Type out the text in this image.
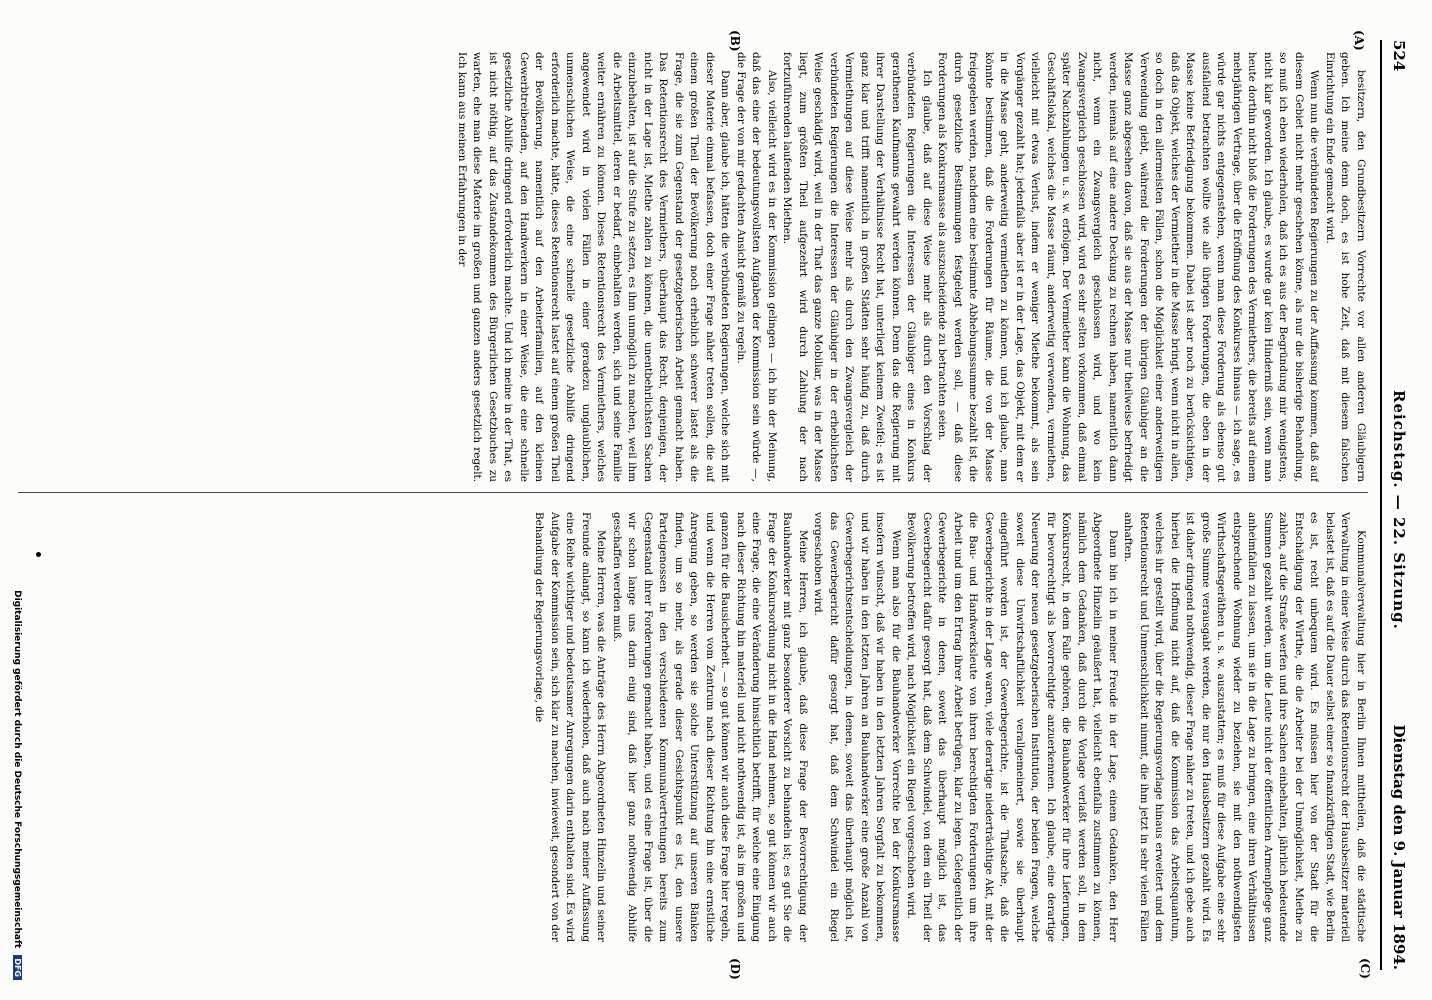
524
Reichstag. — 22. Sitzung.
Dienstag den 9. Januar 1894.
(A)
(B)
(C)
(D)

besitzern, den Grundbesitzern Vorrechte vor allen anderen Gläubigern geben. Ich meine denn doch, es ist hohe Zeit, daß mit diesem falschen Einrichtung ein Ende gemacht wird.

Wenn nun die verbündeten Regierungen zu der Auffassung kommen, daß auf diesem Gebiet nicht mehr geschehen könne, als nur die bisherige Behandlung, so muß ich eben wiederholen, daß ich es aus der Begründung mir wenigstens, nicht klar geworden. Ich glaube, es wurde gar kein Hinderniß sein, wenn man heute dorthin nicht bloß die Forderungen des Vermiethers, die bereits auf einem mehrjährigen Vertrage, über die Eröffnung des Konkurses hinaus — ich sage, es würde gar nichts entgegenstehen, wenn man diese Forderung als ebenso gut ausfallend betrachten wollte wie alle übrigen Forderungen, die eben in der Masse keine Befriedigung bekommen. Dabei ist aber noch zu berücksichtigen, daß das Objekt, welches der Vermiether in die Masse bringt, wenn nicht in allen, so doch in den allermeisten Fällen, schon die Möglichkeit einer anderweitigen Verwendung giebt, während die Forderungen der übrigen Gläubiger an die Masse ganz abgesehen davon, daß sie aus der Masse nur theilweise befriedigt werden, niemals auf eine andere Deckung zu rechnen haben, namentlich dann nicht, wenn ein Zwangsvergleich geschlossen wird, und wo kein Zwangsvergleich geschlossen wird, wird es sehr selten vorkommen, daß einmal später Nachzahlungen u. s. w. erfolgen. Der Vermiether kann die Wohnung, das Geschäftslokal, welches die Masse räumt, anderweitig verwenden, vermiethen, vielleicht mit etwas Verlust, indem er weniger Miethe bekommt, als sein Vorgänger gezahlt hat; jedenfalls aber ist er in der Lage, das Objekt, mit dem er in die Masse geht, anderweitig vermiethen zu können, und ich glaube, man könnte bestimmen, daß die Forderungen für Räume, die von der Masse freigegeben werden, nachdem eine bestimmte Abhebungssumme bezahlt ist, die durch gesetzliche Bestimmungen festgelegt werden soll, — daß diese Forderungen als Konkursmasse als auszuscheidende zu betrachten seien.

Ich glaube, daß auf diese Weise mehr als durch den Vorschlag der verbündeten Regierungen die Interessen der Gläubiger eines in Konkurs gerathenen Kaufmanns gewahrt werden können. Denn das die Regierung mit ihrer Darstellung der Verhältnisse Recht hat, unterliegt keinem Zweifel; es ist ganz klar und trifft namentlich in großen Städten sehr häufig zu, daß durch Vermiethungen auf diese Weise mehr als durch den Zwangsvergleich der verbündeten Regierungen die Interessen der Gläubiger in der erheblichsten Weise geschädigt wird, weil in der That das ganze Mobiliar, was in der Masse liegt, zum größten Theil aufgezehrt wird durch Zahlung der nach fortzuführenden laufenden Miethen.

Also, vielleicht wird es in der Kommission gelingen — ich bin der Meinung, daß das eine der bedeutungsvollsten Aufgaben der Kommission sein würde —, die Frage der von mir gedachten Ansicht gemäß zu regeln.

Dann aber, glaube ich, hätten die verbündeten Regierungen, welche sich mit dieser Materie einmal befassen, doch einer Frage näher treten sollen, die auf einem großen Theil der Bevölkerung noch erheblich schwerer lastet als die Frage, die sie zum Gegenstand der gesetzgeberischen Arbeit gemacht haben. Das Retentionsrecht des Vermiethers, überhaupt das Recht, denjenigen, der nicht in der Lage ist, Miethe zahlen zu können, die unentbehrlichsten Sachen einzubehalten, ist auf die Stufe zu setzen, es ihm unmöglich zu machen, weil ihm die Arbeitsmittel, deren er bedarf, einbehalten werden, sich und seine Familie weiter ernähren zu können. Dieses Retentionsrecht des Vermiethers, welches angewendet wird in vielen Fällen in einer geradezu unglaublichen, unmenschlichen Weise, die eine schnelle gesetzliche Abhilfe dringend erforderlich machte, hätte, dieses Retentionsrecht lastet auf einem großen Theil der Bevölkerung, namentlich auf den Arbeiterfamilien, auf den kleinen Gewerbtreibenden, auf den Handwerkern in einer Weise, die eine schnelle gesetzliche Abhilfe dringend erforderlich machte. Und ich meine in der That, es ist nicht nöthig, auf das Zustandekommen des Bürgerlichen Gesetzbuches zu warten, ehe man diese Materie im großen und ganzen anders gesetzlich regelt. Ich kann aus meinen Erfahrungen in der

Kommunalverwaltung hier in Berlin Ihnen mittheilen, daß die städtische Verwaltung in einer Weise durch das Retentionsrecht der Hausbesitzer materiell belastet ist, daß es auf die Dauer selbst einer so finanzkräftigen Stadt, wie Berlin es ist, recht unbequem wird. Es müssen hier von der Stadt für die Entschädigung der Wirthe, die die Arbeiter bei der Unmöglichkeit, Miethe zu zahlen, auf die Straße werfen und ihre Sachen einbehalten, jährlich bedeutende Summen gezahlt werden, um die Leute nicht der öffentlichen Armenpflege ganz anheimfallen zu lassen, um sie in die Lage zu bringen, eine ihren Verhältnissen entsprechende Wohnung wieder zu beziehen, sie mit den nothwendigsten Wirthschaftsgeräthen u. s. w. auszustatten; es muß für diese Aufgabe eine sehr große Summe verausgabt werden, die nur den Hausbesitzern gezahlt wird. Es ist daher dringend nothwendig, dieser Frage näher zu treten, und ich gebe auch hierbei die Hoffnung nicht auf, daß die Kommission das Arbeitsquantum, welches ihr gestellt wird, über die Regierungsvorlage hinaus erweitert und dem Retentionsrecht und Unmenschlichkeit nimmt, die ihm jetzt in sehr vielen Fällen anhaften.

Dann bin ich in meiner Freude in der Lage, einem Gedanken, den Herr Abgeordnete Hinzelin geäußert hat, vielleicht ebenfalls zustimmen zu können, nämlich dem Gedanken, daß durch die Vorlage verlaßt werden soll, in dem Konkursrecht, in dem Falle gehören, die Bauhandwerker für ihre Lieferungen, für bevorrechtigt als bevorrechtigte anzuerkennen. Ich glaube, eine derartige Neuerung der neuen gesetzgeberischen Institution, der beiden Fragen, welche soweit diese Unwirtschaftlichkeit verallgemeinert, sowie sie überhaupt eingeführt worden ist, der Gewerbegerichte, ist die Thatsache, daß die Gewerbegerichte in der Lage waren, viele derartige niederträchtige Akt, mit der die Bau- und Handwerksleute von ihren berechtigten Forderungen um ihre Arbeit und um den Ertrag ihrer Arbeit betrügen, klar zu legen. Gelegentlich der Gewerbegerichte in denen, soweit das überhaupt möglich ist, das Gewerbegericht dafür gesorgt hat, daß dem Schwindel, von dem ein Theil der Bevölkerung betroffen wird, nach Möglichkeit ein Riegel vorgeschoben wird.

Wenn man also für die Bauhandwerker Vorrechte bei der Konkursmasse insofern wünscht, daß wir haben in den letzten Jahren Sorgfalt zu bekommen, und wir haben in den letzten Jahren an Bauhandwerker eine große Anzahl von Gewerbegerichtsentscheidungen, in denen, soweit das überhaupt möglich ist, das Gewerbegericht dafür gesorgt hat, daß dem Schwindel ein Riegel vorgeschoben wird.

Meine Herren, ich glaube, daß diese Frage der Bevorrechtigung der Bauhandwerker mit ganz besonderer Vorsicht zu behandeln ist; es gut Sie die Frage der Konkursordnung nicht in die Hand nehmen, so gut können wir auch eine Frage, die eine Veränderung hinsichtlich betrifft, für welche eine Einigung nach dieser Richtung hin materiell und nicht nothwendig ist, als im großen und ganzen für die Bausicherheit. — so gut können wir auch diese Frage hier regeln, und wenn die Herren vom Zentrum nach dieser Richtung hin eine ernstliche Anregung geben, so werden sie solche Unterstützung auf unseren Bänken finden, um so mehr, als gerade dieser Gesichtspunkt es ist, den unsere Parteigenossen in den verschiedenen Kommunalvertretungen bereits zum Gegenstand ihrer Forderungen gemacht haben, und es eine Frage ist, über die wir schon lange uns darin einig sind, daß hier ganz nothwendig Abhilfe geschaffen werden muß.

Meine Herren, was die Anträge des Herrn Abgeordneten Hinzelin und seiner Freunde anlangt, so kann ich wiederholen, daß auch nach meiner Auffassung eine Reihe wichtiger und bedeutsamer Anregungen darin enthalten sind. Es wird Aufgabe der Kommission sein, sich klar zu machen, inwieweit, gesondert von der Behandlung der Regierungsvorlage, die

Digitalisierung gefördert durch die Deutsche Forschungsgemeinschaft DFG
